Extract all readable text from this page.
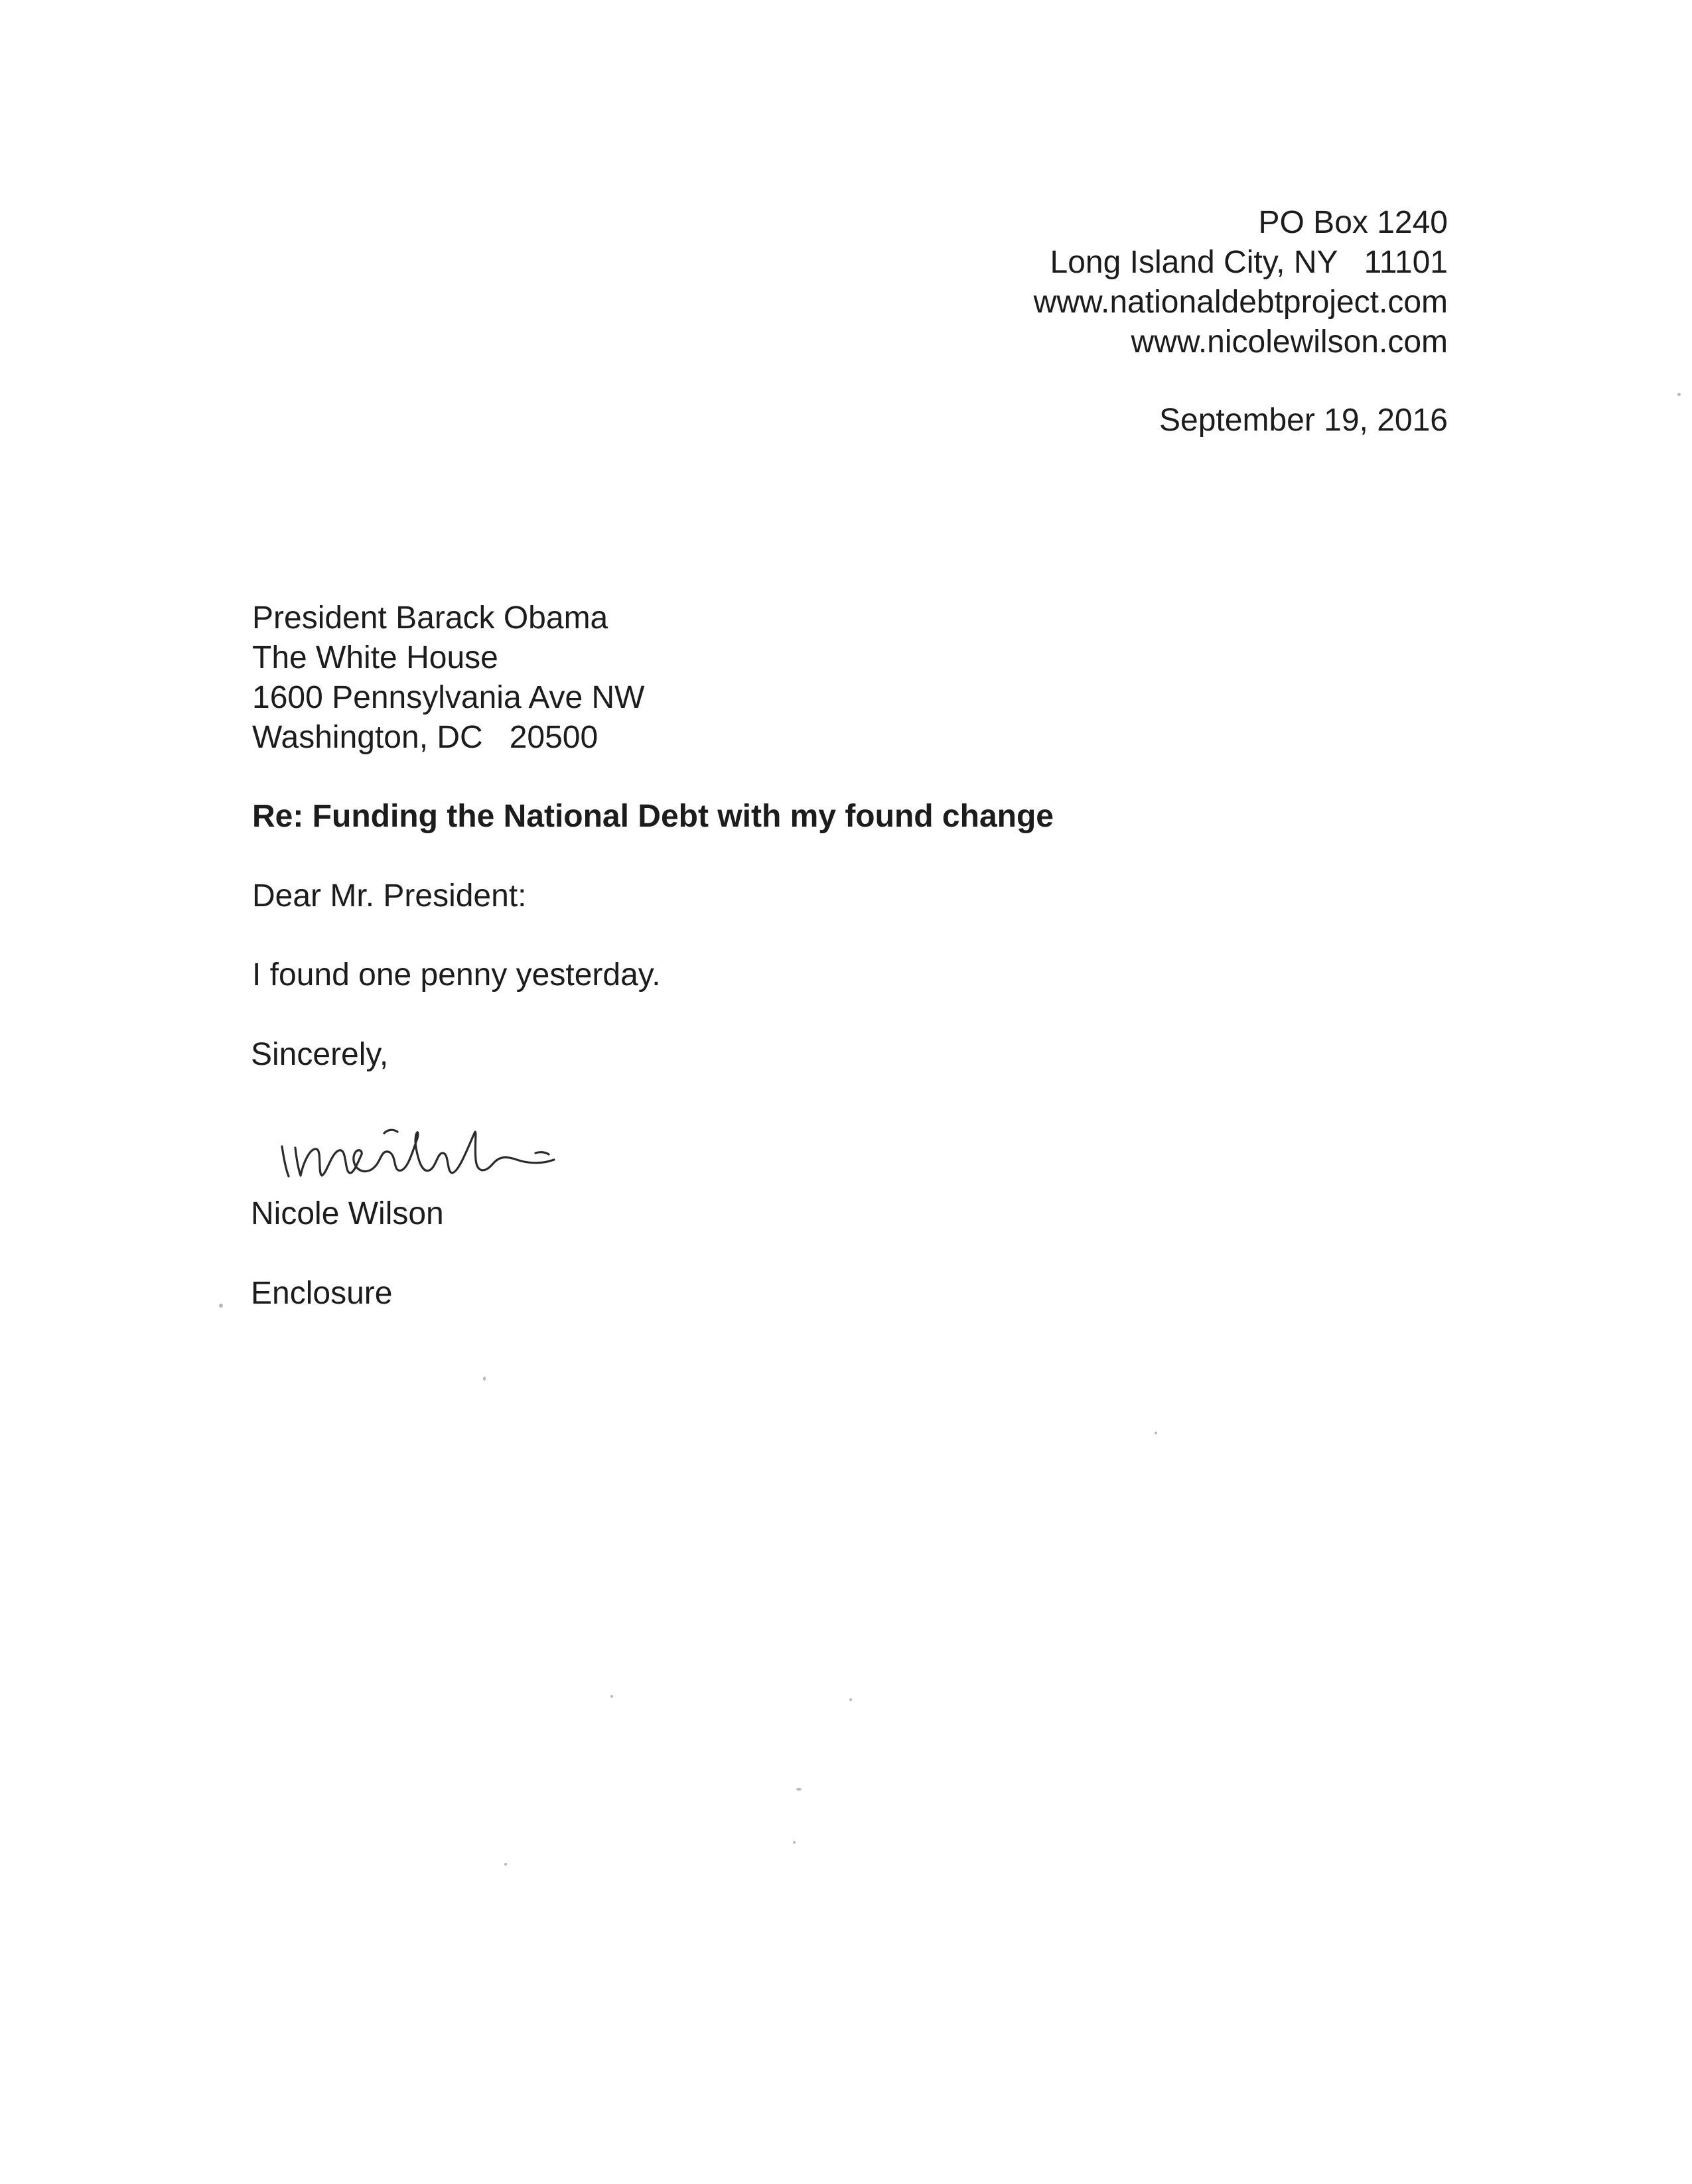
PO Box 1240
Long Island City, NY   11101
www.nationaldebtproject.com
www.nicolewilson.com
September 19, 2016
President Barack Obama
The White House
1600 Pennsylvania Ave NW
Washington, DC   20500
Re: Funding the National Debt with my found change
Dear Mr. President:
I found one penny yesterday.
Sincerely,
Nicole Wilson
Enclosure
